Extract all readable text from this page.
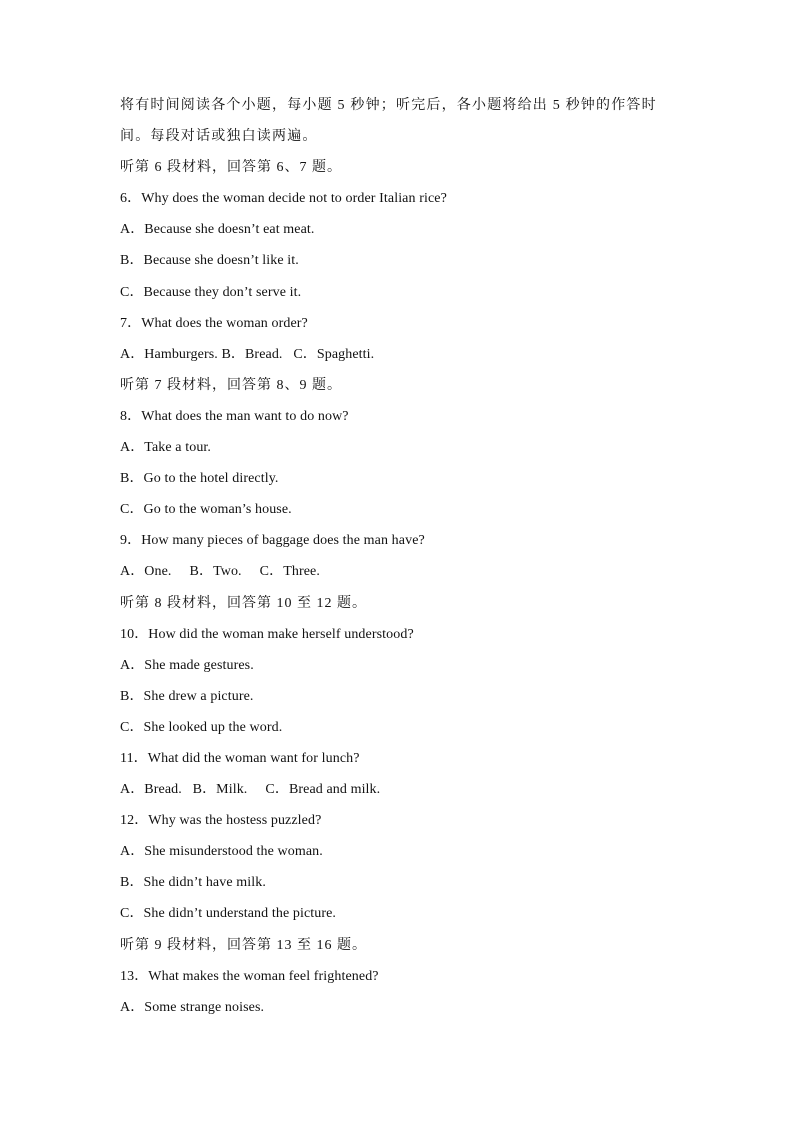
将有时间阅读各个小题，每小题 5 秒钟；听完后，各小题将给出 5 秒钟的作答时
间。每段对话或独白读两遍。
听第 6 段材料，回答第 6、7 题。
6．Why does the woman decide not to order Italian rice?
A．Because she doesn’t eat meat.
B．Because she doesn’t like it.
C．Because they don’t serve it.
7．What does the woman order?
A．Hamburgers. B．Bread.   C．Spaghetti.
听第 7 段材料，回答第 8、9 题。
8．What does the man want to do now?
A．Take a tour.
B．Go to the hotel directly.
C．Go to the woman’s house.
9．How many pieces of baggage does the man have?
A．One.     B．Two.     C．Three.
听第 8 段材料，回答第 10 至 12 题。
10．How did the woman make herself understood?
A．She made gestures.
B．She drew a picture.
C．She looked up the word.
11．What did the woman want for lunch?
A．Bread.   B．Milk.     C．Bread and milk.
12．Why was the hostess puzzled?
A．She misunderstood the woman.
B．She didn’t have milk.
C．She didn’t understand the picture.
听第 9 段材料，回答第 13 至 16 题。
13．What makes the woman feel frightened?
A．Some strange noises.
